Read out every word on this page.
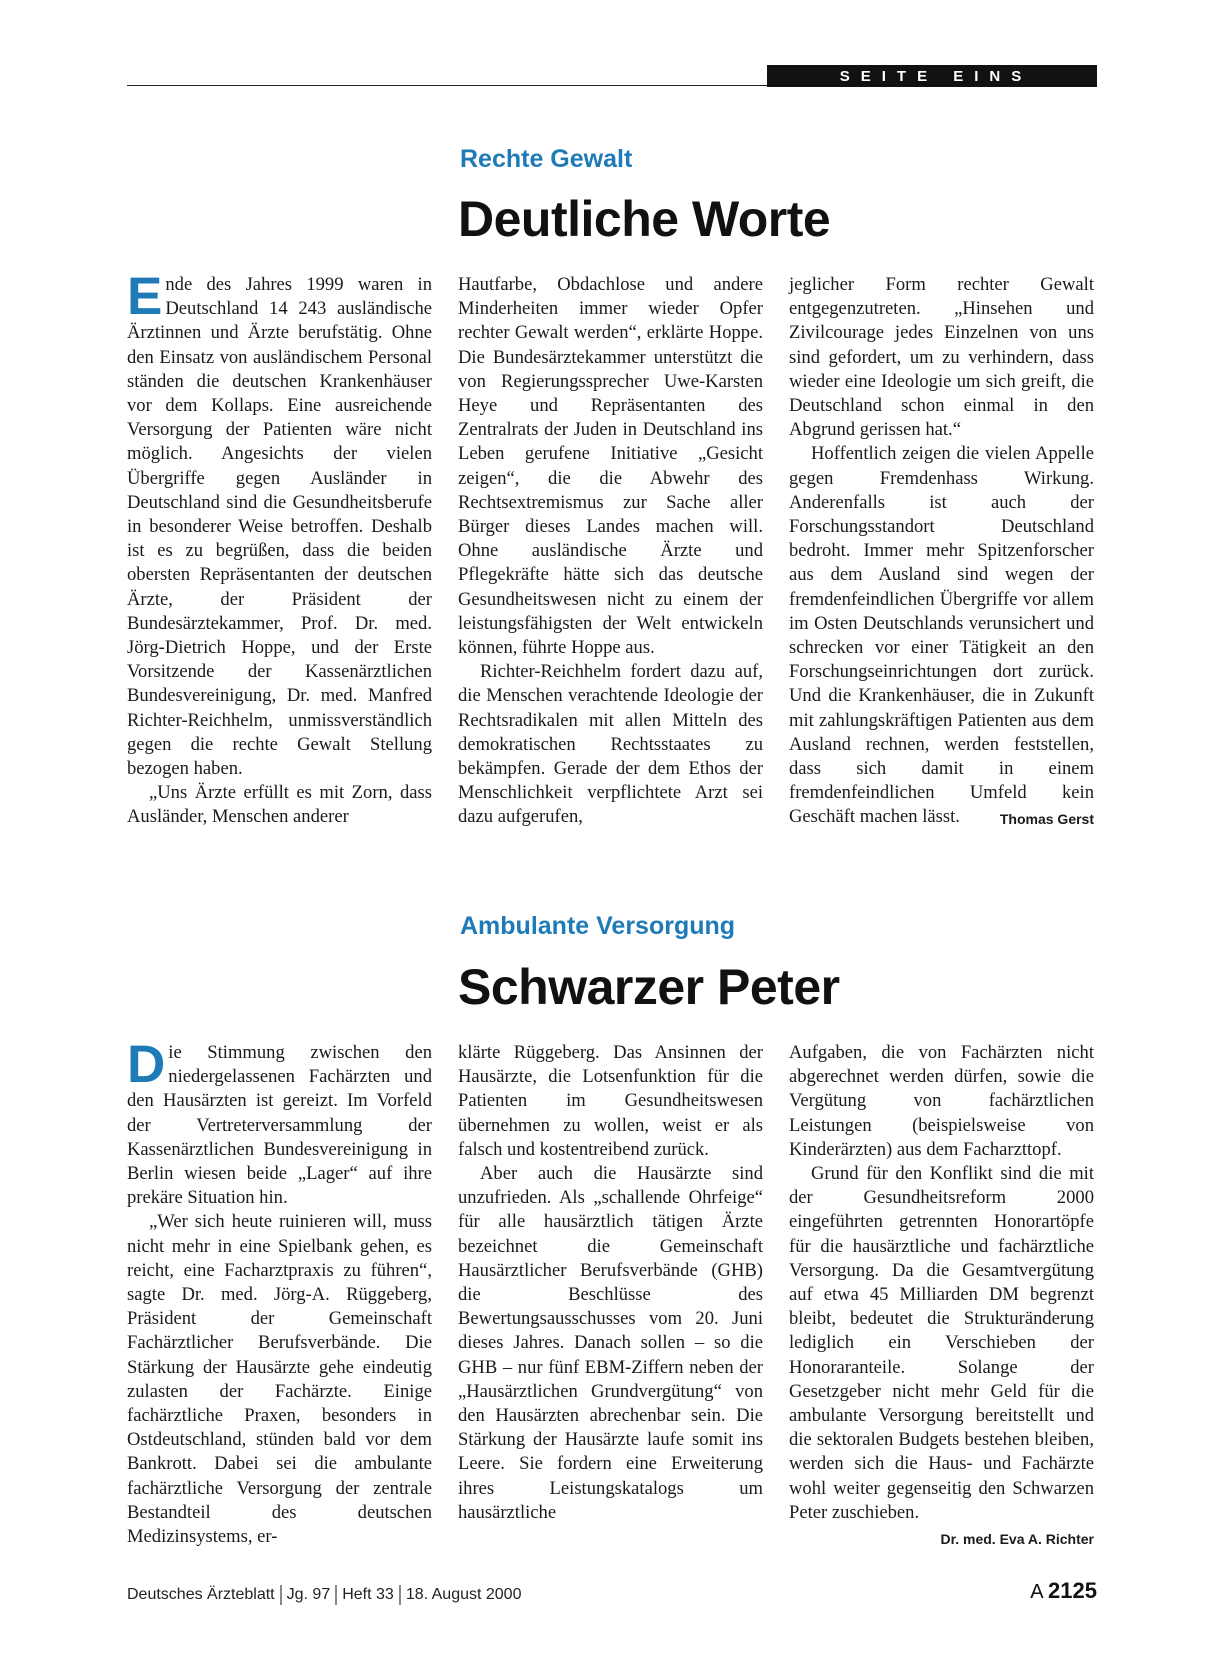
SEITE EINS
Rechte Gewalt
Deutliche Worte
E nde des Jahres 1999 waren in Deutschland 14 243 ausländische Ärztinnen und Ärzte berufstätig. Ohne den Einsatz von ausländischem Personal ständen die deutschen Krankenhäuser vor dem Kollaps. Eine ausreichende Versorgung der Patienten wäre nicht möglich. Angesichts der vielen Übergriffe gegen Ausländer in Deutschland sind die Gesundheitsberufe in besonderer Weise betroffen. Deshalb ist es zu begrüßen, dass die beiden obersten Repräsentanten der deutschen Ärzte, der Präsident der Bundesärztekammer, Prof. Dr. med. Jörg-Dietrich Hoppe, und der Erste Vorsitzende der Kassenärztlichen Bundesvereinigung, Dr. med. Manfred Richter-Reichhelm, unmissverständlich gegen die rechte Gewalt Stellung bezogen haben.

„Uns Ärzte erfüllt es mit Zorn, dass Ausländer, Menschen anderer

Hautfarbe, Obdachlose und andere Minderheiten immer wieder Opfer rechter Gewalt werden“, erklärte Hoppe. Die Bundesärztekammer unterstützt die von Regierungssprecher Uwe-Karsten Heye und Repräsentanten des Zentralrats der Juden in Deutschland ins Leben gerufene Initiative „Gesicht zeigen“, die die Abwehr des Rechtsextremismus zur Sache aller Bürger dieses Landes machen will. Ohne ausländische Ärzte und Pflegekräfte hätte sich das deutsche Gesundheitswesen nicht zu einem der leistungsfähigsten der Welt entwickeln können, führte Hoppe aus.

Richter-Reichhelm fordert dazu auf, die Menschen verachtende Ideologie der Rechtsradikalen mit allen Mitteln des demokratischen Rechtsstaates zu bekämpfen. Gerade der dem Ethos der Menschlichkeit verpflichtete Arzt sei dazu aufgerufen,

jeglicher Form rechter Gewalt entgegenzutreten. „Hinsehen und Zivilcourage jedes Einzelnen von uns sind gefordert, um zu verhindern, dass wieder eine Ideologie um sich greift, die Deutschland schon einmal in den Abgrund gerissen hat.“

Hoffentlich zeigen die vielen Appelle gegen Fremdenhass Wirkung. Anderenfalls ist auch der Forschungsstandort Deutschland bedroht. Immer mehr Spitzenforscher aus dem Ausland sind wegen der fremdenfeindlichen Übergriffe vor allem im Osten Deutschlands verunsichert und schrecken vor einer Tätigkeit an den Forschungseinrichtungen dort zurück. Und die Krankenhäuser, die in Zukunft mit zahlungskräftigen Patienten aus dem Ausland rechnen, werden feststellen, dass sich damit in einem fremdenfeindlichen Umfeld kein Geschäft machen lässt.	Thomas Gerst

Ambulante Versorgung
Schwarzer Peter
D ie Stimmung zwischen den niedergelassenen Fachärzten und den Hausärzten ist gereizt. Im Vorfeld der Vertreterversammlung der Kassenärztlichen Bundesvereinigung in Berlin wiesen beide „Lager“ auf ihre prekäre Situation hin.

„Wer sich heute ruinieren will, muss nicht mehr in eine Spielbank gehen, es reicht, eine Facharztpraxis zu führen“, sagte Dr. med. Jörg-A. Rüggeberg, Präsident der Gemeinschaft Fachärztlicher Berufsverbände. Die Stärkung der Hausärzte gehe eindeutig zulasten der Fachärzte. Einige fachärztliche Praxen, besonders in Ostdeutschland, stünden bald vor dem Bankrott. Dabei sei die ambulante fachärztliche Versorgung der zentrale Bestandteil des deutschen Medizinsystems, er-

klärte Rüggeberg. Das Ansinnen der Hausärzte, die Lotsenfunktion für die Patienten im Gesundheitswesen übernehmen zu wollen, weist er als falsch und kostentreibend zurück.

Aber auch die Hausärzte sind unzufrieden. Als „schallende Ohrfeige“ für alle hausärztlich tätigen Ärzte bezeichnet die Gemeinschaft Hausärztlicher Berufsverbände (GHB) die Beschlüsse des Bewertungsausschusses vom 20. Juni dieses Jahres. Danach sollen – so die GHB – nur fünf EBM-Ziffern neben der „Hausärztlichen Grundvergütung“ von den Hausärzten abrechenbar sein. Die Stärkung der Hausärzte laufe somit ins Leere. Sie fordern eine Erweiterung ihres Leistungskatalogs um hausärztliche

Aufgaben, die von Fachärzten nicht abgerechnet werden dürfen, sowie die Vergütung von fachärztlichen Leistungen (beispielsweise von Kinderärzten) aus dem Facharzttopf.

Grund für den Konflikt sind die mit der Gesundheitsreform 2000 eingeführten getrennten Honorartöpfe für die hausärztliche und fachärztliche Versorgung. Da die Gesamtvergütung auf etwa 45 Milliarden DM begrenzt bleibt, bedeutet die Strukturänderung lediglich ein Verschieben der Honoraranteile. Solange der Gesetzgeber nicht mehr Geld für die ambulante Versorgung bereitstellt und die sektoralen Budgets bestehen bleiben, werden sich die Haus- und Fachärzte wohl weiter gegenseitig den Schwarzen Peter zuschieben.
Dr. med. Eva A. Richter

Deutsches Ärzteblatt Jg. 97 Heft 33 18. August 2000	A 2125
